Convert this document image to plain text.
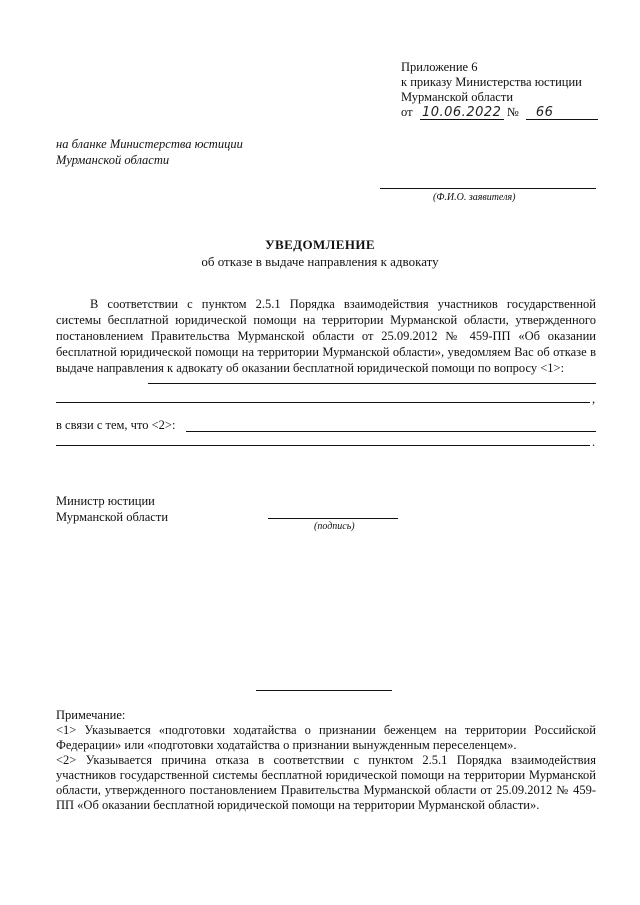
Приложение 6
к приказу Министерства юстиции
Мурманской области
от 10.06.2022 № 66
на бланке Министерства юстиции
Мурманской области
(Ф.И.О. заявителя)
УВЕДОМЛЕНИЕ
об отказе в выдаче направления к адвокату
В соответствии с пунктом 2.5.1 Порядка взаимодействия участников государственной системы бесплатной юридической помощи на территории Мурманской области, утвержденного постановлением Правительства Мурманской области от 25.09.2012 № 459-ПП «Об оказании бесплатной юридической помощи на территории Мурманской области», уведомляем Вас об отказе в выдаче направления к адвокату об оказании бесплатной юридической помощи по вопросу <1>:
,
в связи с тем, что <2>:
.
Министр юстиции
Мурманской области
(подпись)

Примечание:

<1> Указывается «подготовки ходатайства о признании беженцем на территории Российской Федерации» или «подготовки ходатайства о признании вынужденным переселенцем».

<2> Указывается причина отказа в соответствии с пунктом 2.5.1 Порядка взаимодействия участников государственной системы бесплатной юридической помощи на территории Мурманской области, утвержденного постановлением Правительства Мурманской области от 25.09.2012 № 459-ПП «Об оказании бесплатной юридической помощи на территории Мурманской области».
